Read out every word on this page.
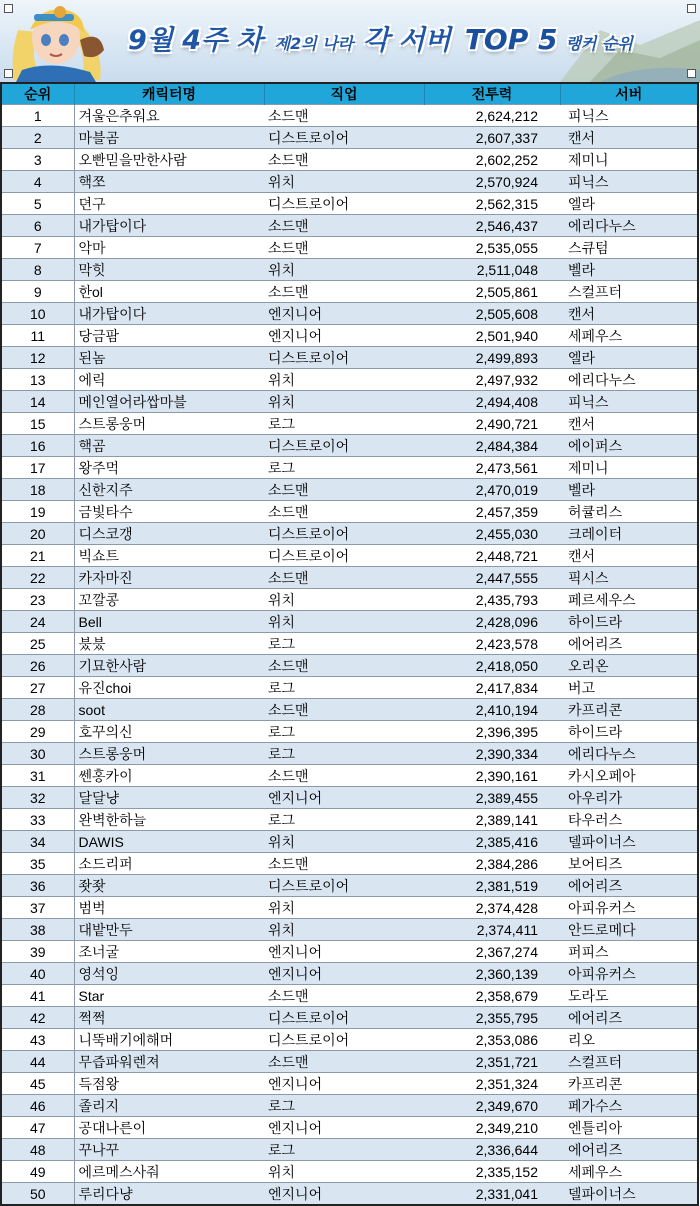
9월 4주 차 제2의 나라 각 서버 TOP 5 랭커 순위
순위	캐릭터명	직업	전투력	서버
1	겨울은추워요	소드맨	2,624,212	피닉스
2	마블곰	디스트로이어	2,607,337	캔서
3	오빤믿을만한사람	소드맨	2,602,252	제미니
4	핵쪼	위치	2,570,924	피닉스
5	뎐구	디스트로이어	2,562,315	엘라
6	내가탑이다	소드맨	2,546,437	에리다누스
7	악마	소드맨	2,535,055	스큐텀
8	막힛	위치	2,511,048	벨라
9	한ol	소드맨	2,505,861	스컬프터
10	내가탑이다	엔지니어	2,505,608	캔서
11	당금팜	엔지니어	2,501,940	세페우스
12	된놈	디스트로이어	2,499,893	엘라
13	에릭	위치	2,497,932	에리다누스
14	메인열어라쌉마블	위치	2,494,408	피닉스
15	스트롱웅머	로그	2,490,721	캔서
16	핵곰	디스트로이어	2,484,384	에이퍼스
17	왕주먹	로그	2,473,561	제미니
18	신한지주	소드맨	2,470,019	벨라
19	금빛타수	소드맨	2,457,359	허큘리스
20	디스코갱	디스트로이어	2,455,030	크레이터
21	빅쇼트	디스트로이어	2,448,721	캔서
22	카자마진	소드맨	2,447,555	픽시스
23	꼬깔콩	위치	2,435,793	페르세우스
24	Bell	위치	2,428,096	하이드라
25	붔붔	로그	2,423,578	에어리즈
26	기묘한사람	소드맨	2,418,050	오리온
27	유진choi	로그	2,417,834	버고
28	soot	소드맨	2,410,194	카프리콘
29	호꾸의신	로그	2,396,395	하이드라
30	스트롱웅머	로그	2,390,334	에리다누스
31	쎈홍카이	소드맨	2,390,161	카시오페아
32	달달냥	엔지니어	2,389,455	아우리가
33	완벽한하늘	로그	2,389,141	타우러스
34	DAWIS	위치	2,385,416	델파이너스
35	소드리퍼	소드맨	2,384,286	보어티즈
36	좟좟	디스트로이어	2,381,519	에어리즈
37	범벅	위치	2,374,428	아피유커스
38	대밭만두	위치	2,374,411	안드로메다
39	조너굴	엔지니어	2,367,274	퍼피스
40	영석잉	엔지니어	2,360,139	아피유커스
41	Star	소드맨	2,358,679	도라도
42	쩍쩍	디스트로이어	2,355,795	에어리즈
43	니뚝배기에해머	디스트로이어	2,353,086	리오
44	무즙파워렌져	소드맨	2,351,721	스컬프터
45	득점왕	엔지니어	2,351,324	카프리콘
46	졸리지	로그	2,349,670	페가수스
47	공대나른이	엔지니어	2,349,210	엔틀리아
48	꾸나꾸	로그	2,336,644	에어리즈
49	에르메스사줘	위치	2,335,152	세페우스
50	루리다냥	엔지니어	2,331,041	델파이너스
